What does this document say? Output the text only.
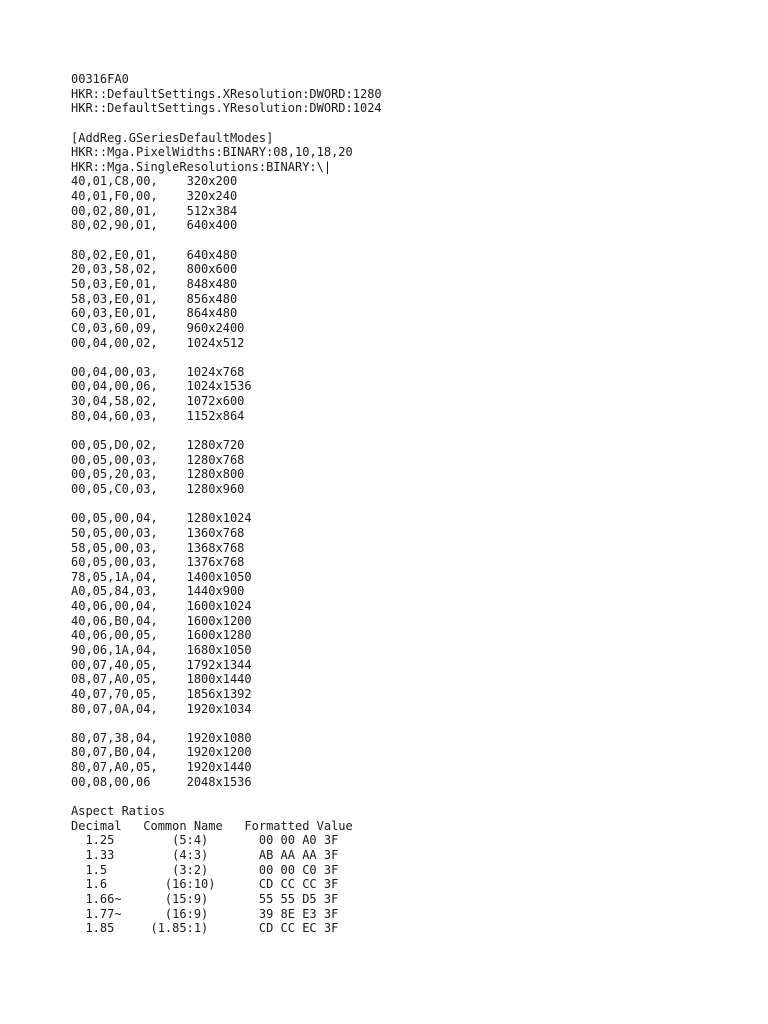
00316FA0
HKR::DefaultSettings.XResolution:DWORD:1280
HKR::DefaultSettings.YResolution:DWORD:1024
[AddReg.GSeriesDefaultModes]
HKR::Mga.PixelWidths:BINARY:08,10,18,20
HKR::Mga.SingleResolutions:BINARY:\|
40,01,C8,00,    320x200
40,01,F0,00,    320x240
00,02,80,01,    512x384
80,02,90,01,    640x400
80,02,E0,01,    640x480
20,03,58,02,    800x600
50,03,E0,01,    848x480
58,03,E0,01,    856x480
60,03,E0,01,    864x480
C0,03,60,09,    960x2400
00,04,00,02,    1024x512
00,04,00,03,    1024x768
00,04,00,06,    1024x1536
30,04,58,02,    1072x600
80,04,60,03,    1152x864
00,05,D0,02,    1280x720
00,05,00,03,    1280x768
00,05,20,03,    1280x800
00,05,C0,03,    1280x960
00,05,00,04,    1280x1024
50,05,00,03,    1360x768
58,05,00,03,    1368x768
60,05,00,03,    1376x768
78,05,1A,04,    1400x1050
A0,05,84,03,    1440x900
40,06,00,04,    1600x1024
40,06,B0,04,    1600x1200
40,06,00,05,    1600x1280
90,06,1A,04,    1680x1050
00,07,40,05,    1792x1344
08,07,A0,05,    1800x1440
40,07,70,05,    1856x1392
80,07,0A,04,    1920x1034
80,07,38,04,    1920x1080
80,07,B0,04,    1920x1200
80,07,A0,05,    1920x1440
00,08,00,06     2048x1536
Aspect Ratios
Decimal   Common Name   Formatted Value
1.25        (5:4)       00 00 A0 3F
1.33        (4:3)       AB AA AA 3F
1.5         (3:2)       00 00 C0 3F
1.6        (16:10)      CD CC CC 3F
1.66~      (15:9)       55 55 D5 3F
1.77~      (16:9)       39 8E E3 3F
1.85     (1.85:1)       CD CC EC 3F
